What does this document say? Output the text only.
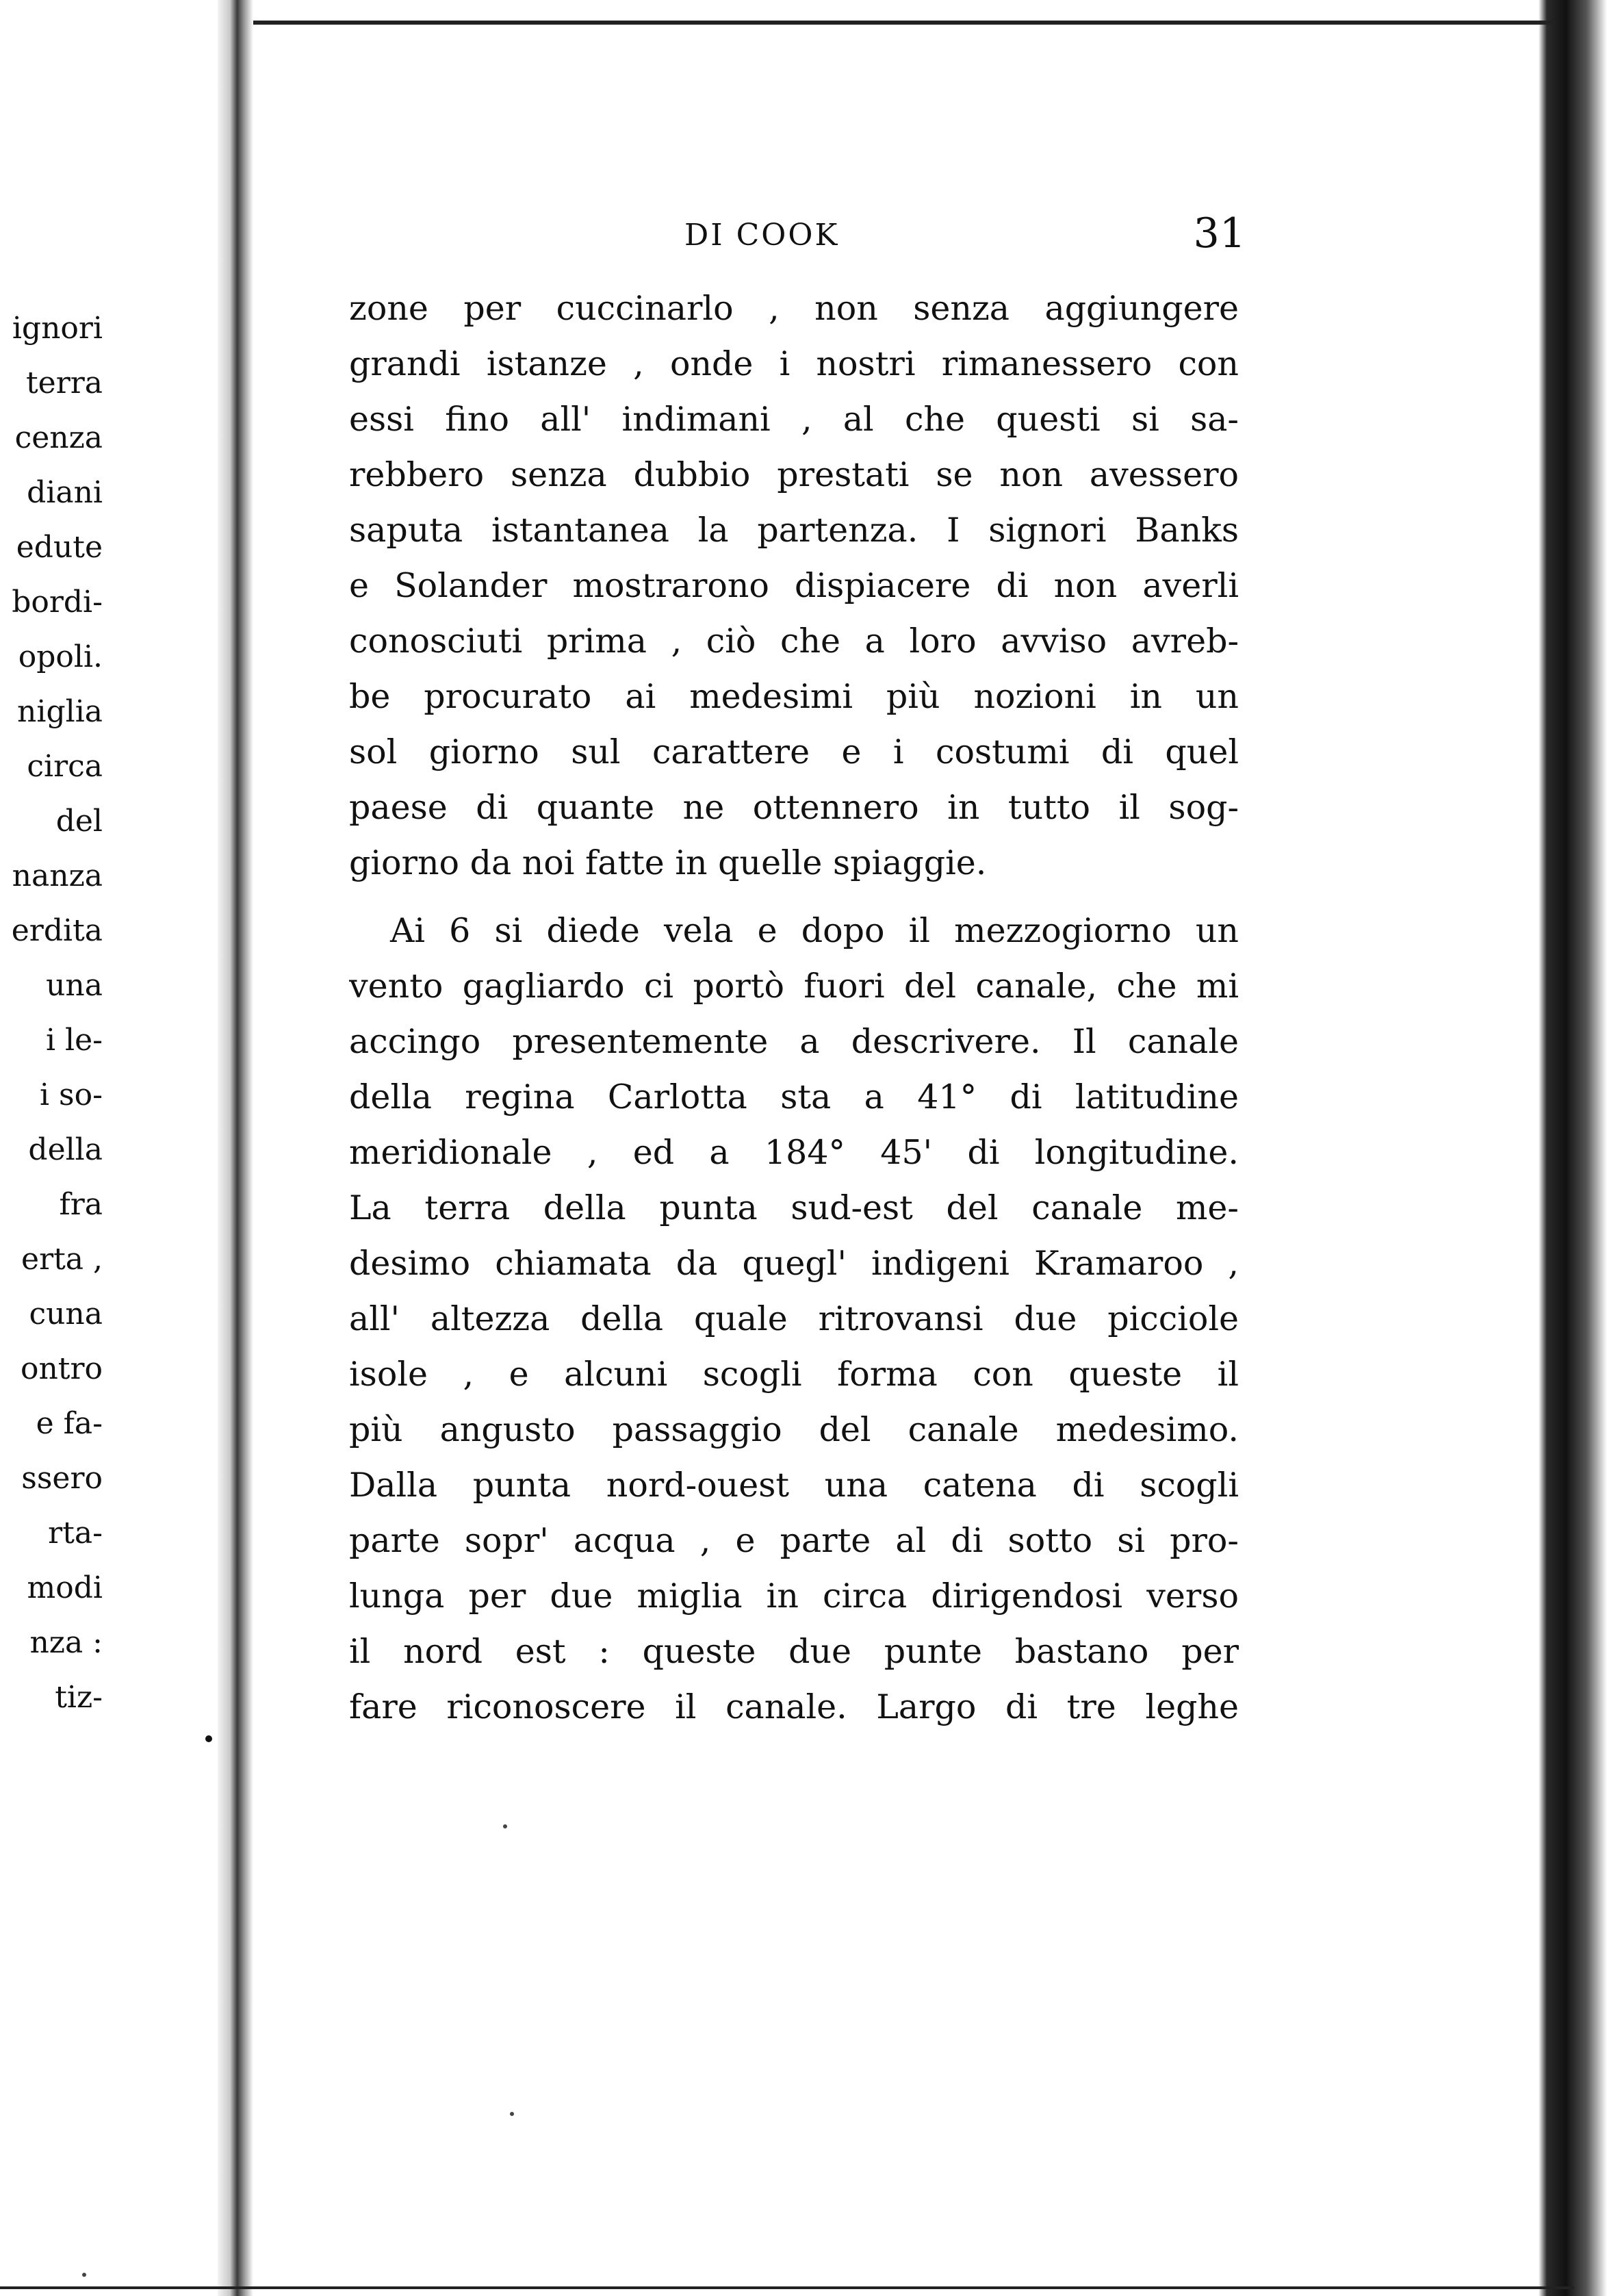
ignori
terra
cenza
diani
edute
bordi-
opoli.
niglia
circa
del
nanza
erdita
una
i le-
i so-
della
fra
erta ,
cuna
ontro
e fa-
ssero
rta-
modi
nza :
tiz-
DI COOK	31
zone per cuccinarlo , non senza aggiungere
grandi istanze , onde i nostri rimanessero con
essi fino all' indimani , al che questi si sa-
rebbero senza dubbio prestati se non avessero
saputa istantanea la partenza. I signori Banks
e Solander mostrarono dispiacere di non averli
conosciuti prima , ciò che a loro avviso avreb-
be procurato ai medesimi più nozioni in un
sol giorno sul carattere e i costumi di quel
paese di quante ne ottennero in tutto il sog-
giorno da noi fatte in quelle spiaggie.
Ai 6 si diede vela e dopo il mezzogiorno un
vento gagliardo ci portò fuori del canale, che mi
accingo presentemente a descrivere. Il canale
della regina Carlotta sta a 41° di latitudine
meridionale , ed a 184° 45' di longitudine.
La terra della punta sud-est del canale me-
desimo chiamata da quegl' indigeni Kramaroo ,
all' altezza della quale ritrovansi due picciole
isole , e alcuni scogli forma con queste il
più angusto passaggio del canale medesimo.
Dalla punta nord-ouest una catena di scogli
parte sopr' acqua , e parte al di sotto si pro-
lunga per due miglia in circa dirigendosi verso
il nord est : queste due punte bastano per
fare riconoscere il canale. Largo di tre leghe
